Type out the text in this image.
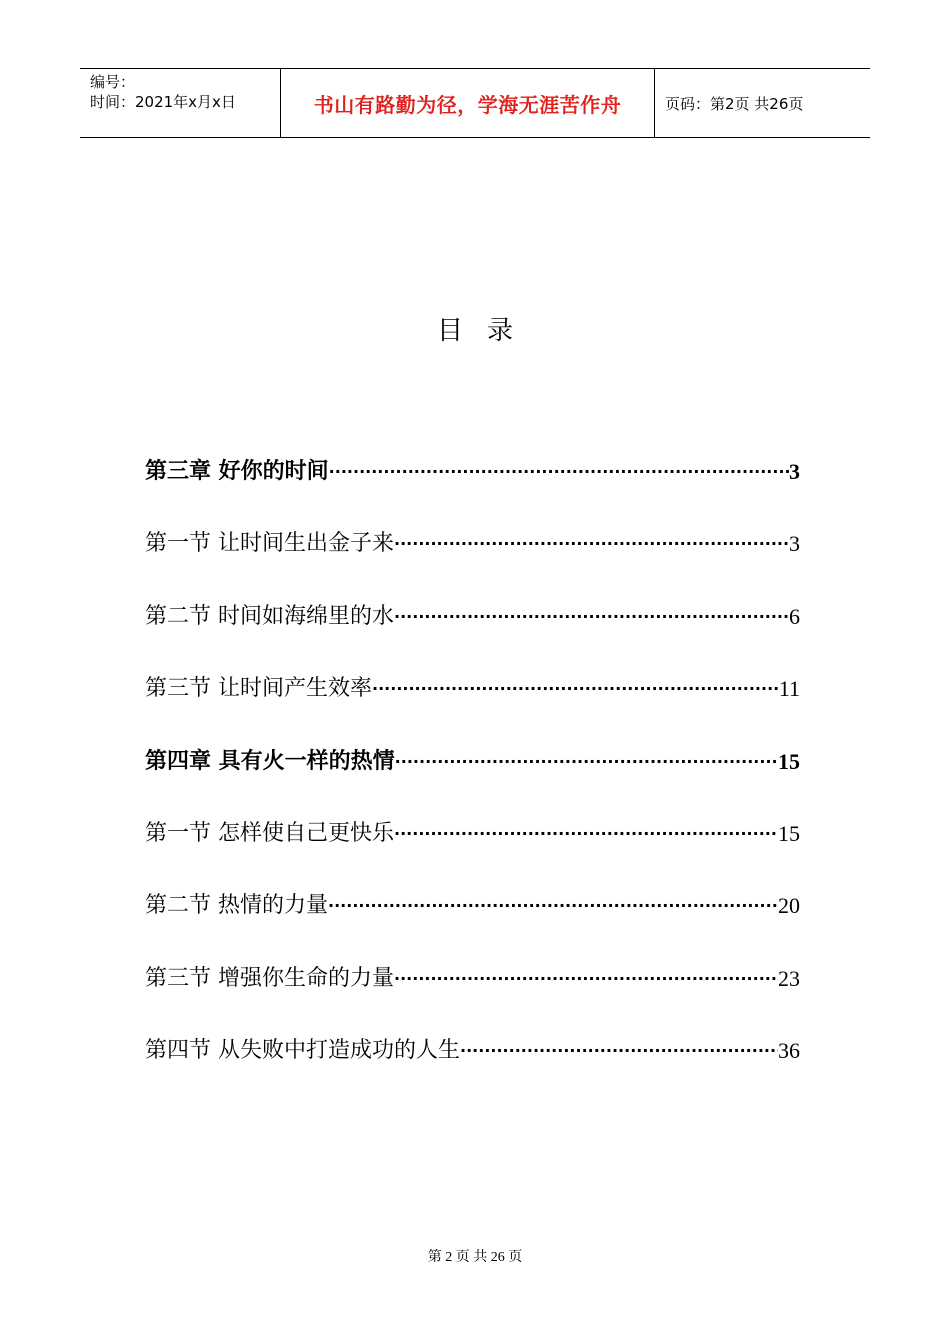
编号：
时间：2021年x月x日	书山有路勤为径，学海无涯苦作舟	页码：第2页 共26页
目录
第三章 好你的时间 ·····	3
第一节 让时间生出金子来 ·····	3
第二节 时间如海绵里的水 ·····	6
第三节 让时间产生效率 ·····	11
第四章 具有火一样的热情 ·····	15
第一节 怎样使自己更快乐 ·····	15
第二节 热情的力量 ·····	20
第三节 增强你生命的力量 ·····	23
第四节 从失败中打造成功的人生 ·····	36
第 2 页 共 26 页
